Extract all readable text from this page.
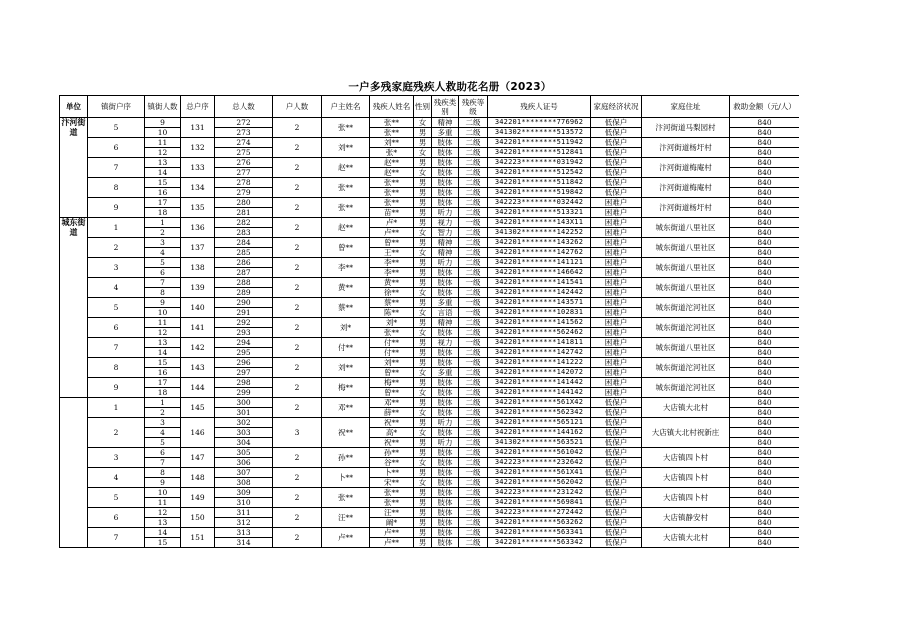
一户多残家庭残疾人救助花名册（2023）
单位	镇街户序	镇街人数	总户序	总人数	户人数	户主姓名	残疾人姓名	性别	残疾类别	残疾等级	残疾人证号	家庭经济状况	家庭住址	救助金额（元/人）
汴河街道	5	9	131	272	2	张**	张**	女	精神	二级	342201********776962	低保户	汴河街道马梨园村	840
		10		273			张**	男	多重	二级	341302********513572	低保户		840
	6	11	132	274	2	刘**	刘**	男	肢体	二级	342201********511942	低保户	汴河街道杨圩村	840
		12		275			张*	女	肢体	二级	342201********512841	低保户		840
	7	13	133	276	2	赵**	赵**	男	肢体	二级	342223********031942	低保户	汴河街道梅庵村	840
		14		277			赵**	女	肢体	二级	342201********512542	低保户		840
	8	15	134	278	2	张**	张**	男	肢体	二级	342201********511842	低保户	汴河街道梅庵村	840
		16		279			张**	男	肢体	二级	342201********519842	低保户		840
	9	17	135	280	2	张**	张**	男	肢体	二级	342223********032442	困难户	汴河街道杨圩村	840
		18		281			苗**	男	听力	二级	342201********513321	困难户		840
城东街道	1	1	136	282	2	赵**	卢*	男	视力	一级	342201********143X11	困难户	城东街道八里社区	840
		2		283			卢**	女	智力	二级	341302********142252	困难户		840
	2	3	137	284	2	曾**	曾**	男	精神	二级	342201********143262	困难户	城东街道八里社区	840
		4		285			王**	女	精神	二级	342201********142762	困难户		840
	3	5	138	286	2	李**	李**	男	听力	二级	342201********141121	困难户	城东街道八里社区	840
		6		287			李**	男	肢体	二级	342201********146642	困难户		840
	4	7	139	288	2	黄**	黄**	男	肢体	一级	342201********141541	困难户	城东街道八里社区	840
		8		289			徐**	女	肢体	二级	342201********142442	困难户		840
	5	9	140	290	2	蔡**	蔡**	男	多重	一级	342201********143571	困难户	城东街道沱河社区	840
		10		291			陈**	女	言语	一级	342201********102831	困难户		840
	6	11	141	292	2	刘*	刘*	男	精神	二级	342201********141562	困难户	城东街道沱河社区	840
		12		293			张**	女	肢体	二级	342201********562462	困难户		840
	7	13	142	294	2	付**	付**	男	视力	一级	342201********141811	困难户	城东街道八里社区	840
		14		295			付**	男	肢体	二级	342201********142742	困难户		840
	8	15	143	296	2	刘**	刘**	男	肢体	一级	342201********141222	困难户	城东街道沱河社区	840
		16		297			曾**	女	多重	二级	342201********142072	困难户		840
	9	17	144	298	2	梅**	梅**	男	肢体	二级	342201********141442	困难户	城东街道沱河社区	840
		18		299			曾**	女	肢体	二级	342201********144142	困难户		840
	1	1	145	300	2	邓**	邓**	男	肢体	二级	342201********561X42	低保户	大店镇大北村	840
		2		301			薛**	女	肢体	二级	342201********562342	低保户		840
	2	3	146	302	3	祝**	祝**	男	听力	二级	342201********565121	低保户	大店镇大北村祝新庄	840
		4		303			高*	女	肢体	二级	342201********144162	低保户		840
		5		304			祝**	男	听力	二级	341302********563521	低保户		840
	3	6	147	305	2	孙**	孙**	男	肢体	二级	342201********561042	低保户	大店镇四卜村	840
		7		306			谷**	女	肢体	二级	342223********232642	低保户		840
	4	8	148	307	2	卜**	卜**	男	肢体	一级	342201********561X41	低保户	大店镇四卜村	840
		9		308			宋**	女	肢体	二级	342201********562042	低保户		840
	5	10	149	309	2	张**	张**	男	肢体	二级	342223********231242	低保户	大店镇四卜村	840
		11		310			张**	男	肢体	二级	342201********569841	低保户		840
	6	12	150	311	2	汪**	汪**	男	肢体	二级	342223********272442	低保户	大店镇静安村	840
		13		312			阚*	男	肢体	二级	342201********563262	低保户		840
	7	14	151	313	2	卢**	卢**	男	肢体	二级	342201********563341	低保户	大店镇大北村	840
		15		314			卢**	男	肢体	二级	342201********563342	低保户		840
